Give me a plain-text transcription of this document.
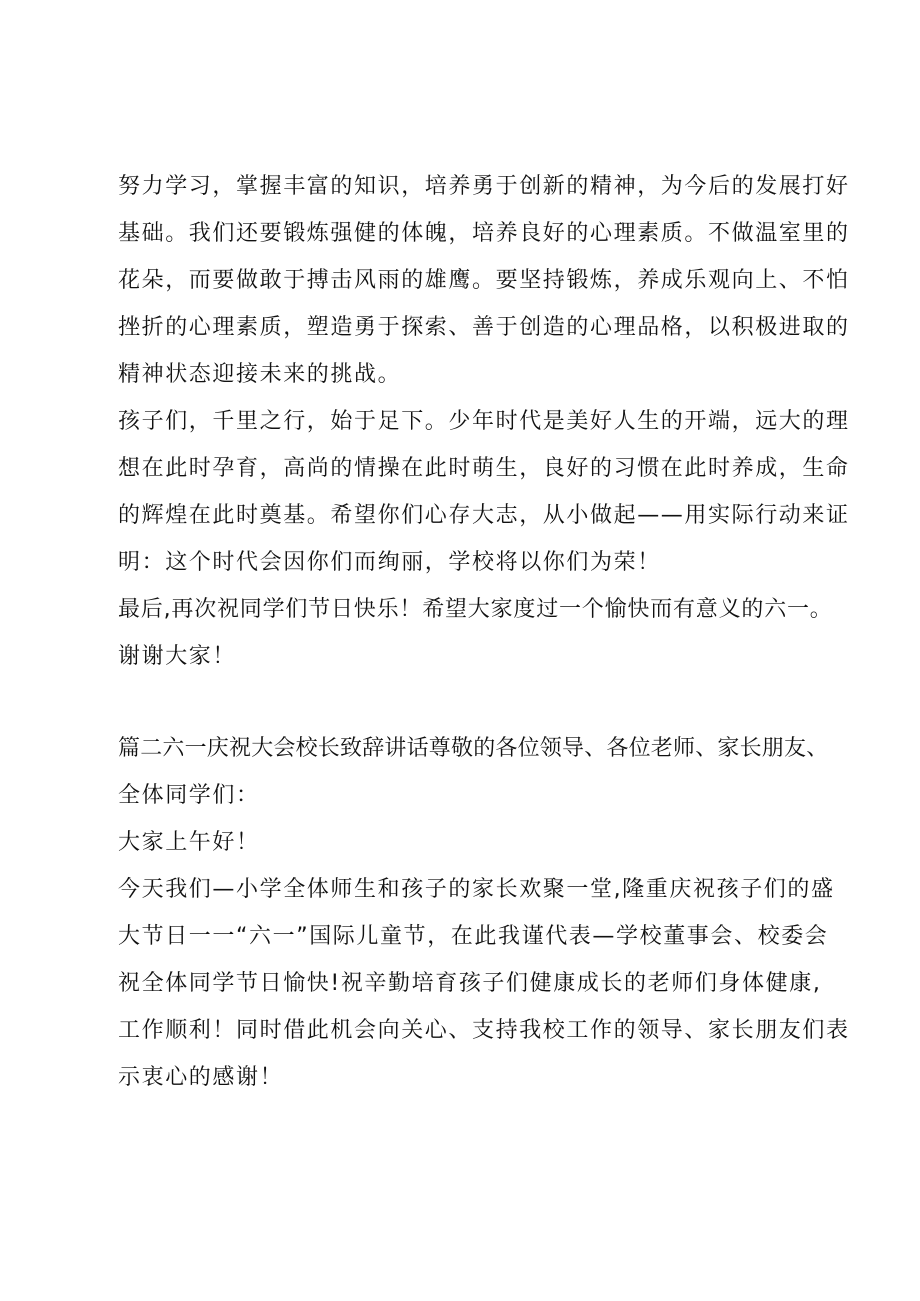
努力学习，掌握丰富的知识，培养勇于创新的精神，为今后的发展打好
基础。我们还要锻炼强健的体魄，培养良好的心理素质。不做温室里的
花朵，而要做敢于搏击风雨的雄鹰。要坚持锻炼，养成乐观向上、不怕
挫折的心理素质，塑造勇于探索、善于创造的心理品格，以积极进取的
精神状态迎接未来的挑战。
孩子们，千里之行，始于足下。少年时代是美好人生的开端，远大的理
想在此时孕育，高尚的情操在此时萌生，良好的习惯在此时养成，生命
的辉煌在此时奠基。希望你们心存大志，从小做起——用实际行动来证
明：这个时代会因你们而绚丽，学校将以你们为荣！
最后,再次祝同学们节日快乐！希望大家度过一个愉快而有意义的六一。
谢谢大家！
篇二六一庆祝大会校长致辞讲话尊敬的各位领导、各位老师、家长朋友、
全体同学们：
大家上午好！
今天我们—小学全体师生和孩子的家长欢聚一堂,隆重庆祝孩子们的盛
大节日一一“六一”国际儿童节，在此我谨代表—学校董事会、校委会
祝全体同学节日愉快!祝辛勤培育孩子们健康成长的老师们身体健康,
工作顺利！同时借此机会向关心、支持我校工作的领导、家长朋友们表
示衷心的感谢！
